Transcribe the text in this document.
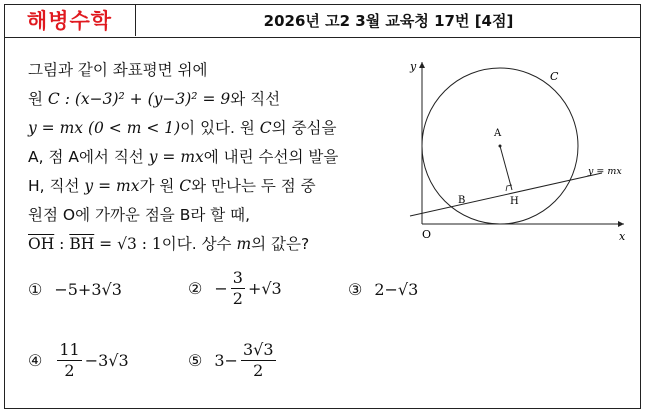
해병수학	2026년 고2 3월 교육청 17번 [4점]
그림과 같이 좌표평면 위에
원 C : (x−3)² + (y−3)² = 9와 직선
y = mx (0 < m < 1)이 있다. 원 C의 중심을
A, 점 A에서 직선 y = mx에 내린 수선의 발을
H, 직선 y = mx가 원 C와 만나는 두 점 중
원점 O에 가까운 점을 B라 할 때,
$\overline{OH}$ : $\overline{BH} = √3$ : 1이다. 상수 m의 값은?
y
x
O
C
A
H
B
y = mx
① −5+3√3	② − $\frac{3}{2} +√3$	③ 2−√3
④ $\frac{11}{2} -3√3$	⑤ $3- \frac{3√3}{2}$
